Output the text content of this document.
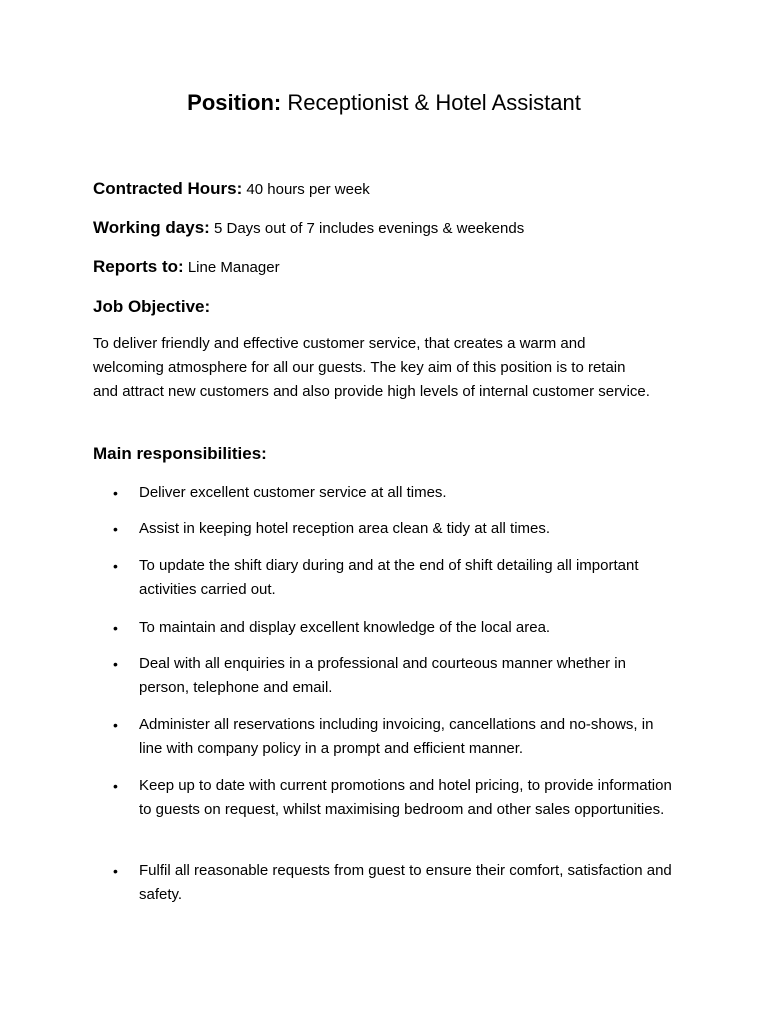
Position: Receptionist & Hotel Assistant
Contracted Hours: 40 hours per week
Working days: 5 Days out of 7 includes evenings & weekends
Reports to: Line Manager
Job Objective:
To deliver friendly and effective customer service, that creates a warm and welcoming atmosphere for all our guests. The key aim of this position is to retain and attract new customers and also provide high levels of internal customer service.
Main responsibilities:
•	Deliver excellent customer service at all times.
•	Assist in keeping hotel reception area clean & tidy at all times.
•	To update the shift diary during and at the end of shift detailing all important activities carried out.
•	To maintain and display excellent knowledge of the local area.
•	Deal with all enquiries in a professional and courteous manner whether in person, telephone and email.
•	Administer all reservations including invoicing, cancellations and no-shows, in line with company policy in a prompt and efficient manner.
•	Keep up to date with current promotions and hotel pricing, to provide information to guests on request, whilst maximising bedroom and other sales opportunities.
•	Fulfil all reasonable requests from guest to ensure their comfort, satisfaction and safety.
